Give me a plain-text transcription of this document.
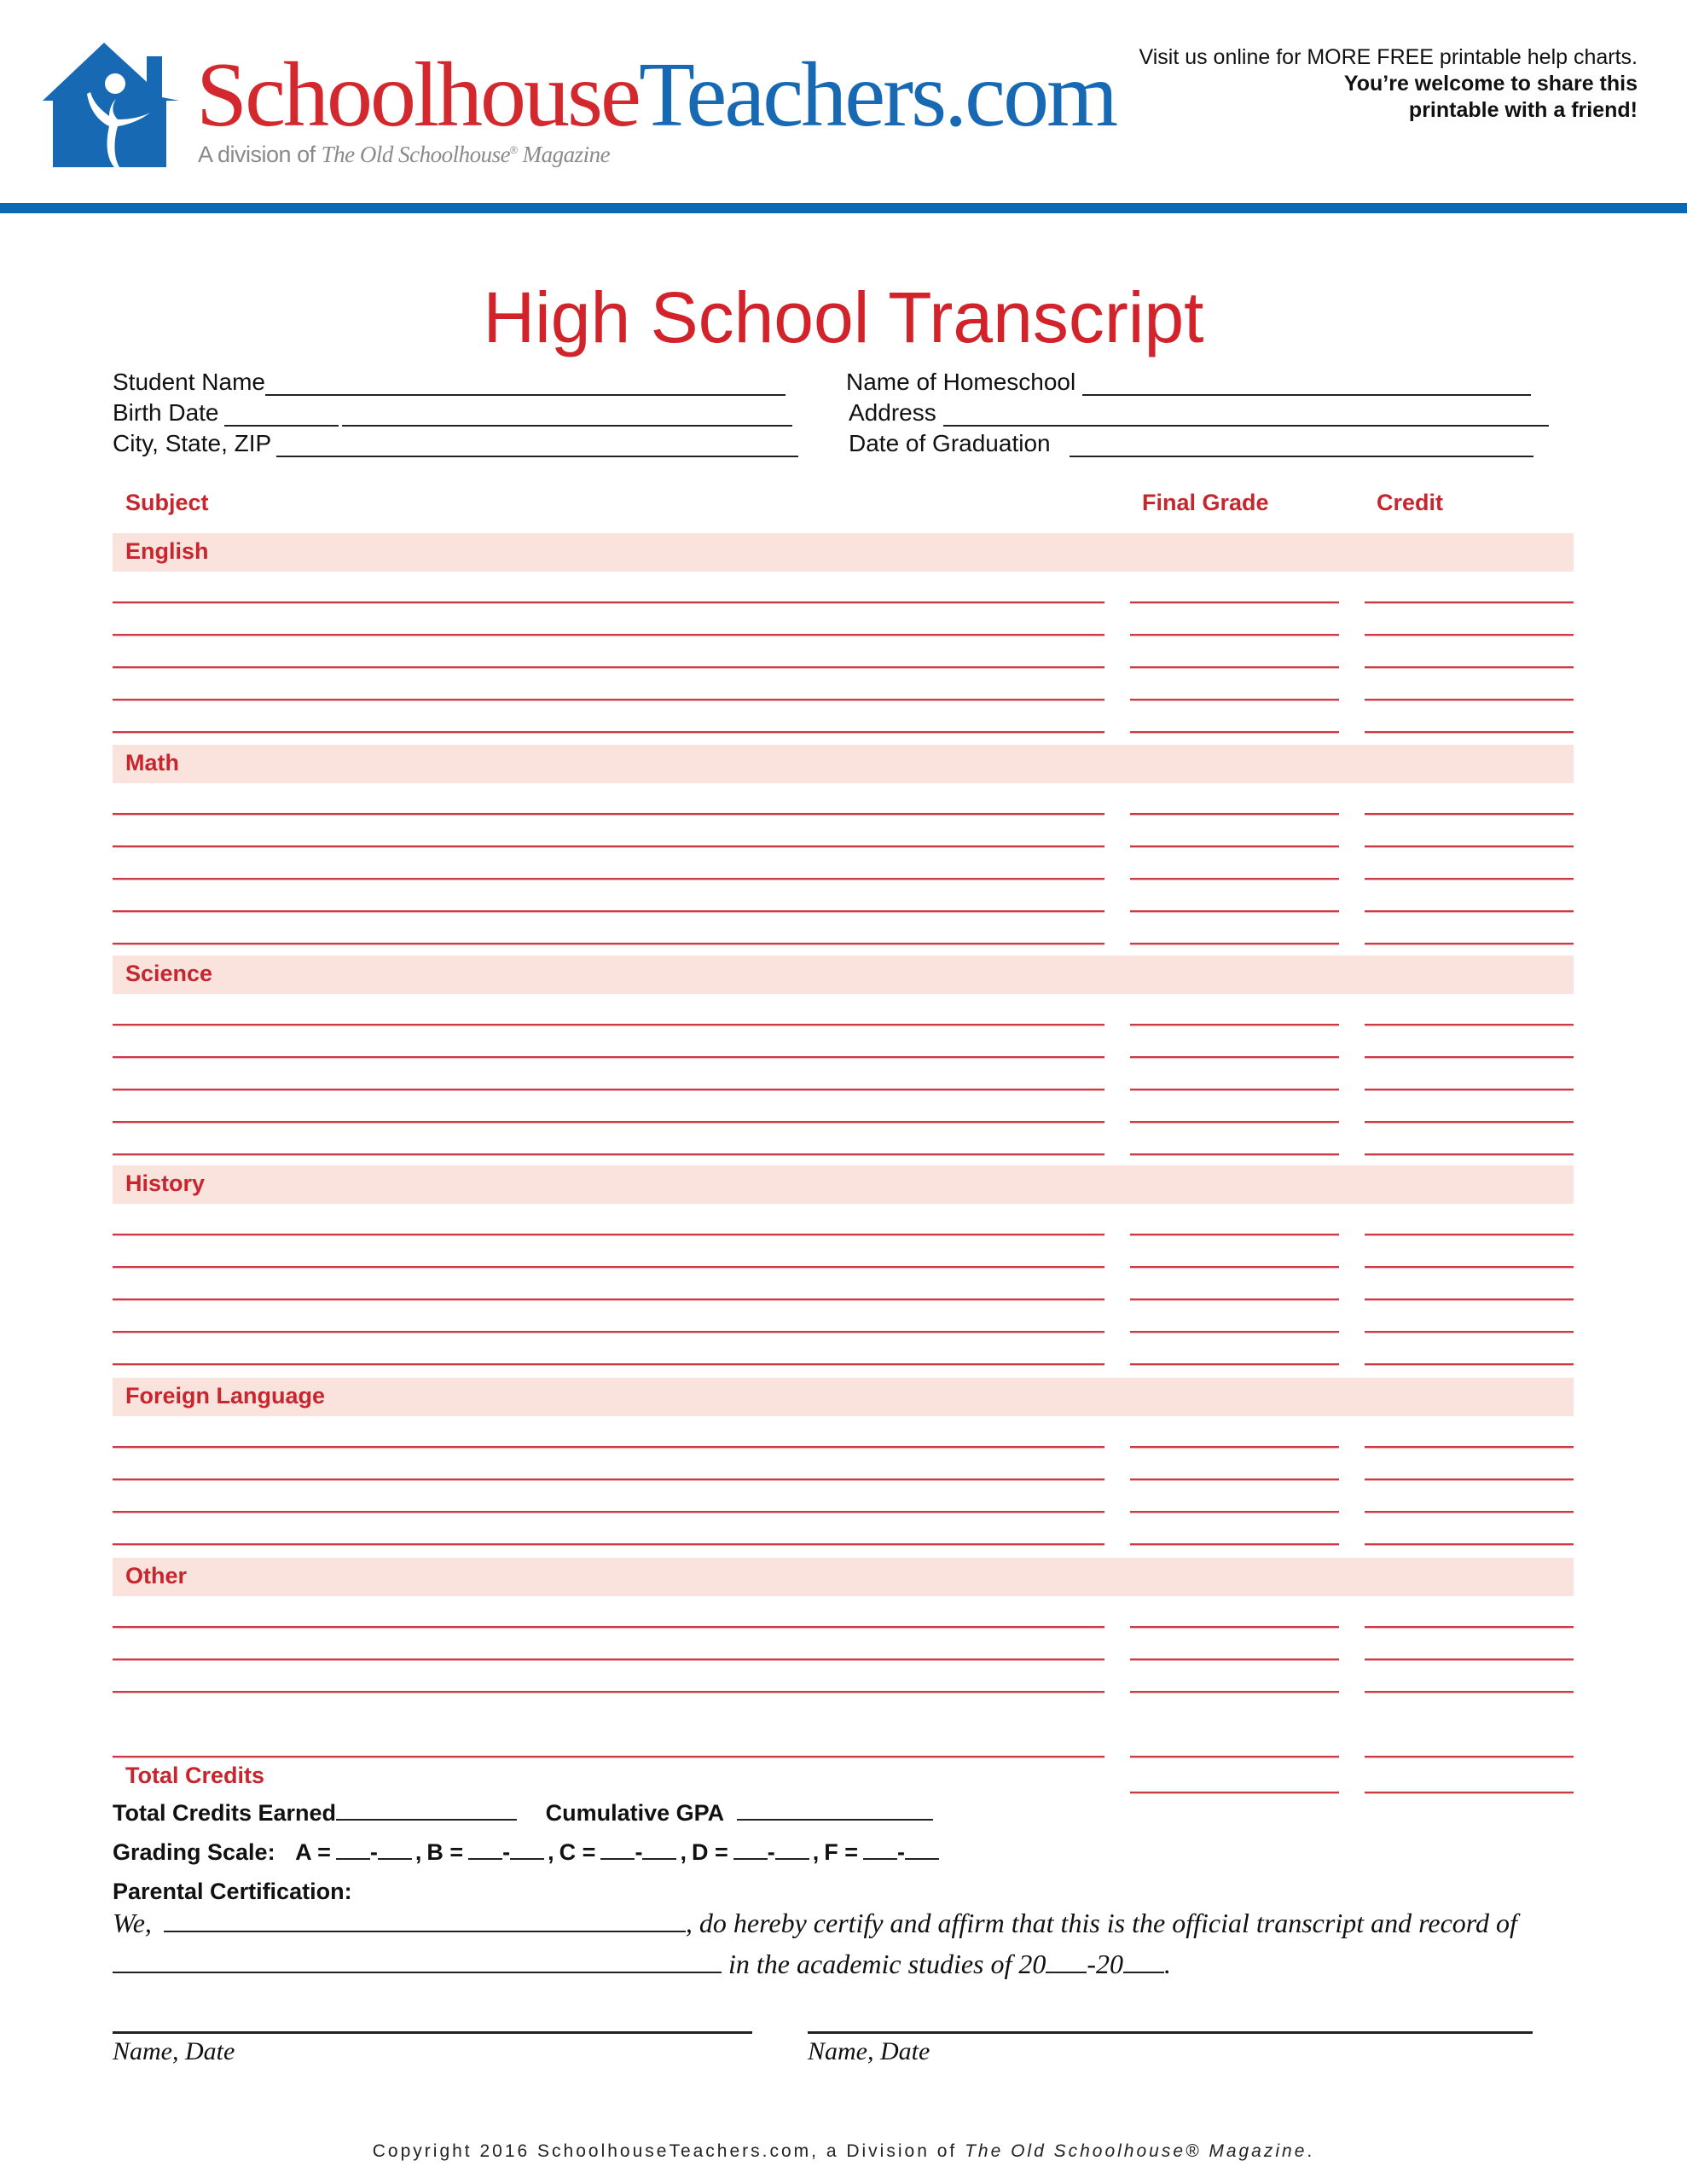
SchoolhouseTeachers.com
A division of The Old Schoolhouse® Magazine
Visit us online for MORE FREE printable help charts.
You’re welcome to share this
printable with a friend!
High School Transcript
Student Name
Birth Date
City, State, ZIP
Name of Homeschool
Address
Date of Graduation
Subject	Final Grade	Credit
English
Math
Science
History
Foreign Language
Other
Total Credits
Total Credits Earned	Cumulative GPA
Grading Scale: A = - , B = - , C = - , D = - , F = -
Parental Certification:
We,	, do hereby certify and affirm that this is the official transcript and record of
in the academic studies of 20 -20 .
Name, Date	Name, Date
Copyright 2016 SchoolhouseTeachers.com, a Division of The Old Schoolhouse® Magazine.
